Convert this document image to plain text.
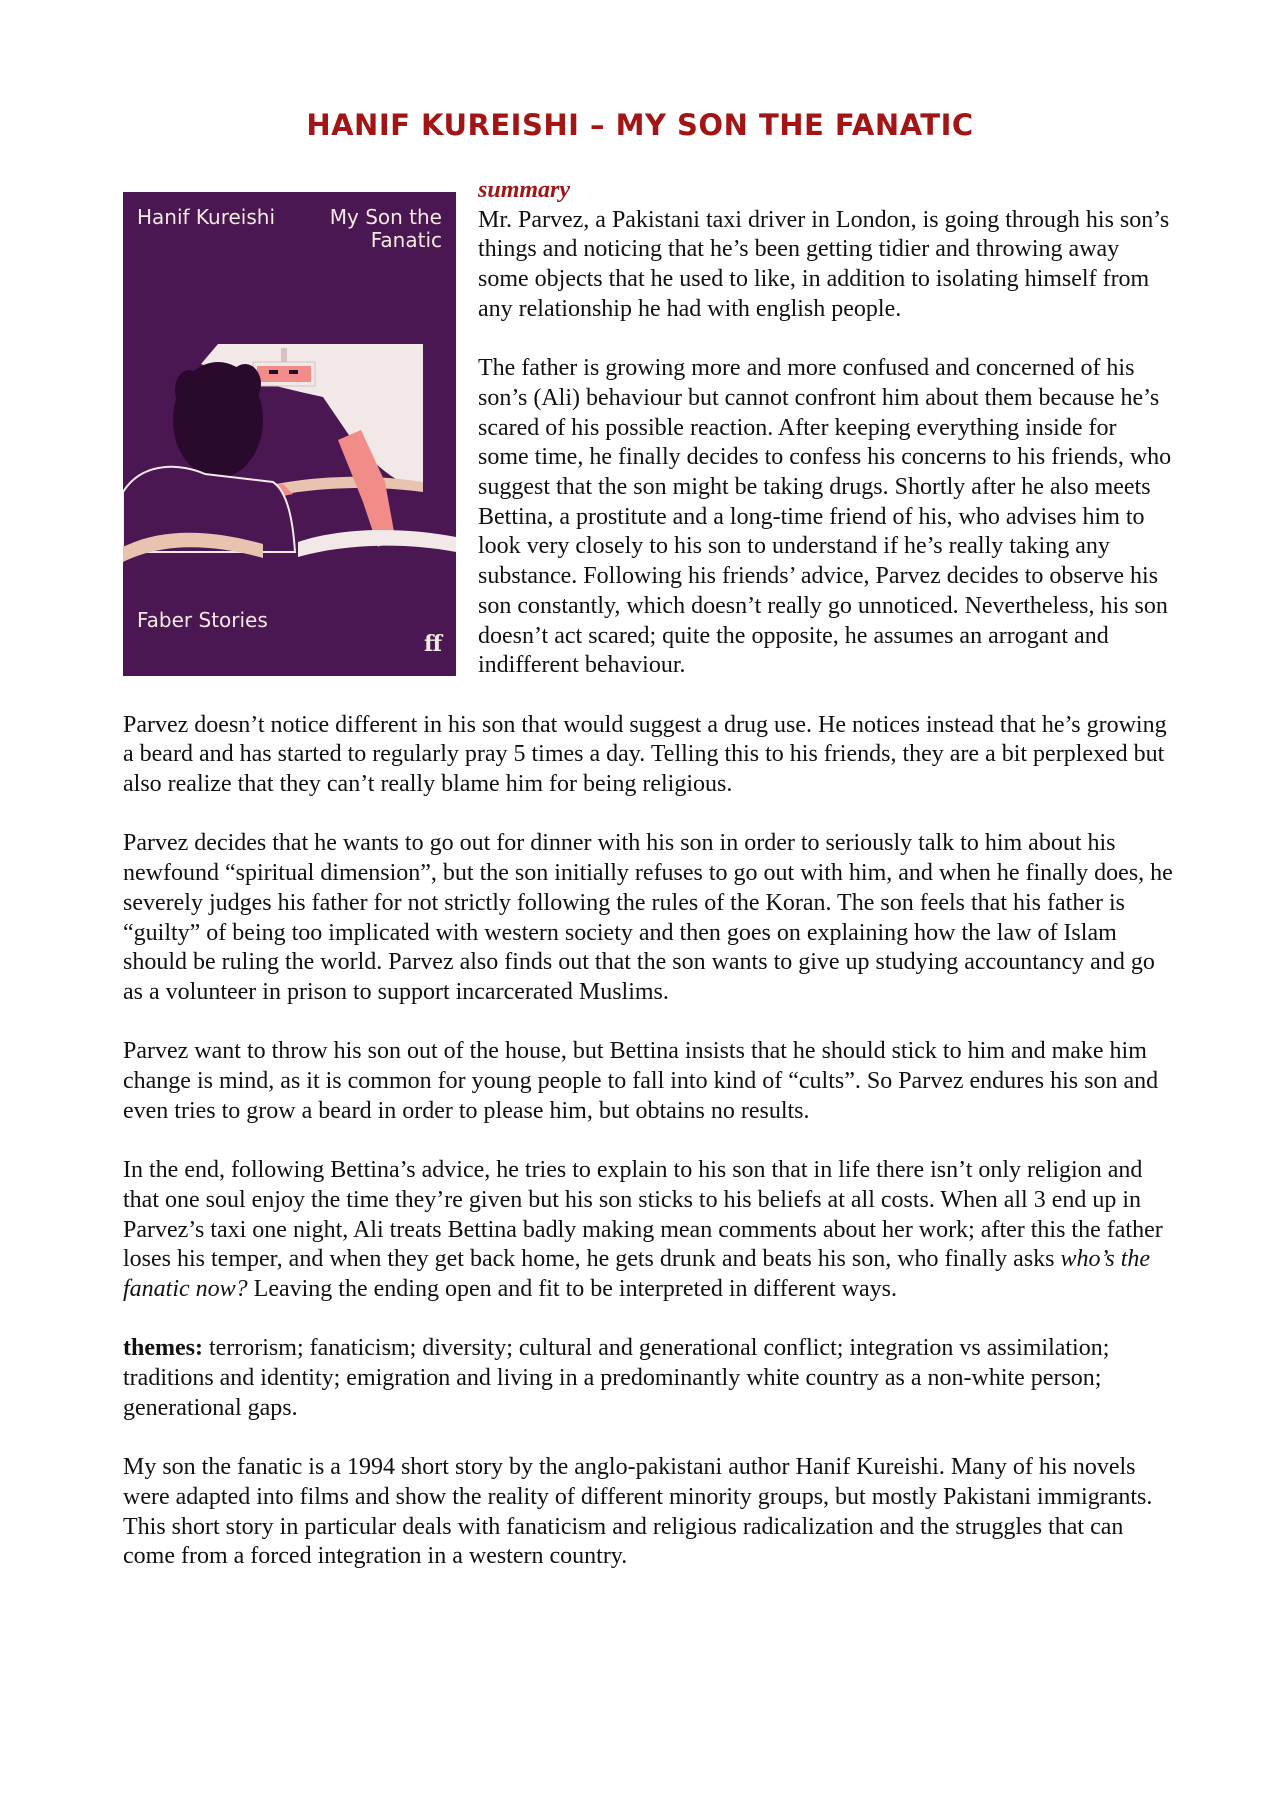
HANIF KUREISHI – MY SON THE FANATIC

Hanif Kureishi	My Son the Fanatic

Faber Stories

ff
summary

Mr. Parvez, a Pakistani taxi driver in London, is going through his son’s things and noticing that he’s been getting tidier and throwing away some objects that he used to like, in addition to isolating himself from any relationship he had with english people.

The father is growing more and more confused and concerned of his son’s (Ali) behaviour but cannot confront him about them because he’s scared of his possible reaction. After keeping everything inside for some time, he finally decides to confess his concerns to his friends, who suggest that the son might be taking drugs. Shortly after he also meets Bettina, a prostitute and a long-time friend of his, who advises him to look very closely to his son to understand if he’s really taking any substance. Following his friends’ advice, Parvez decides to observe his son constantly, which doesn’t really go unnoticed. Nevertheless, his son doesn’t act scared; quite the opposite, he assumes an arrogant and indifferent behaviour.

Parvez doesn’t notice different in his son that would suggest a drug use. He notices instead that he’s growing a beard and has started to regularly pray 5 times a day. Telling this to his friends, they are a bit perplexed but also realize that they can’t really blame him for being religious.

Parvez decides that he wants to go out for dinner with his son in order to seriously talk to him about his newfound “spiritual dimension”, but the son initially refuses to go out with him, and when he finally does, he severely judges his father for not strictly following the rules of the Koran. The son feels that his father is “guilty” of being too implicated with western society and then goes on explaining how the law of Islam should be ruling the world. Parvez also finds out that the son wants to give up studying accountancy and go as a volunteer in prison to support incarcerated Muslims.

Parvez want to throw his son out of the house, but Bettina insists that he should stick to him and make him change is mind, as it is common for young people to fall into kind of “cults”. So Parvez endures his son and even tries to grow a beard in order to please him, but obtains no results.

In the end, following Bettina’s advice, he tries to explain to his son that in life there isn’t only religion and that one soul enjoy the time they’re given but his son sticks to his beliefs at all costs. When all 3 end up in Parvez’s taxi one night, Ali treats Bettina badly making mean comments about her work; after this the father loses his temper, and when they get back home, he gets drunk and beats his son, who finally asks who’s the fanatic now? Leaving the ending open and fit to be interpreted in different ways.

themes: terrorism; fanaticism; diversity; cultural and generational conflict; integration vs assimilation; traditions and identity; emigration and living in a predominantly white country as a non-white person; generational gaps.

My son the fanatic is a 1994 short story by the anglo-pakistani author Hanif Kureishi. Many of his novels were adapted into films and show the reality of different minority groups, but mostly Pakistani immigrants. This short story in particular deals with fanaticism and religious radicalization and the struggles that can come from a forced integration in a western country.
